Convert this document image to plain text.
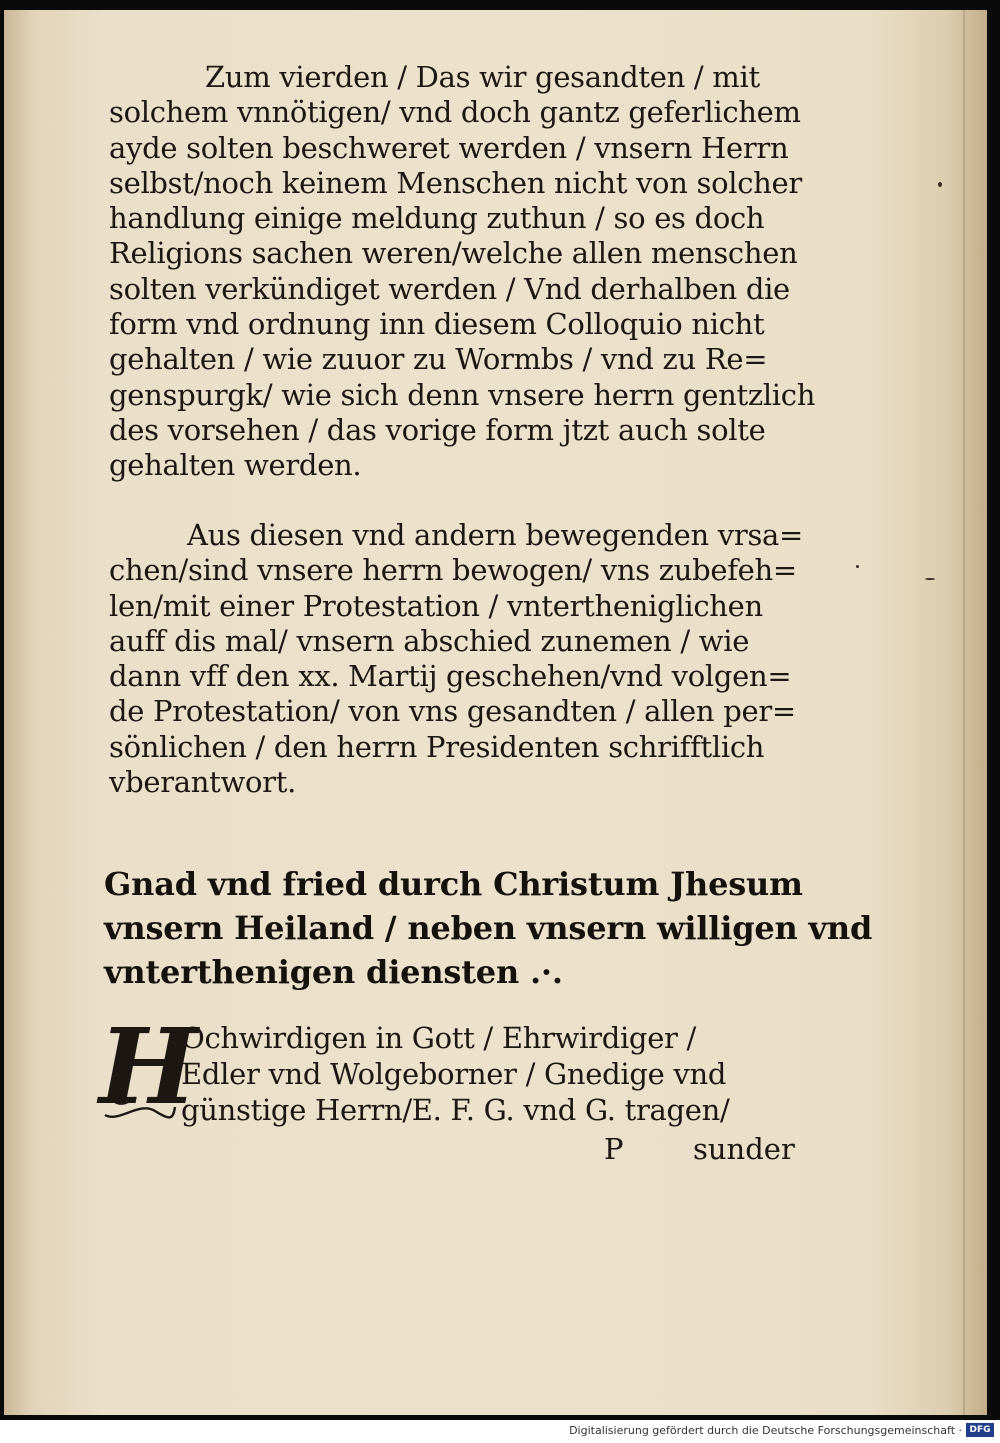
Zum vierden / Das wir gesandten / mit
solchem vnnötigen/ vnd doch gantz geferlichem
ayde solten beschweret werden / vnsern Herrn
selbst/noch keinem Menschen nicht von solcher
handlung einige meldung zuthun / so es doch
Religions sachen weren/welche allen menschen
solten verkündiget werden / Vnd derhalben die
form vnd ordnung inn diesem Colloquio nicht
gehalten / wie zuuor zu Wormbs / vnd zu Re=
genspurgk/ wie sich denn vnsere herrn gentzlich
des vorsehen / das vorige form jtzt auch solte
gehalten werden.
Aus diesen vnd andern bewegenden vrsa=
chen/sind vnsere herrn bewogen/ vns zubefeh=
len/mit einer Protestation / vntertheniglichen
auff dis mal/ vnsern abschied zunemen / wie
dann vff den xx. Martij geschehen/vnd volgen=
de Protestation/ von vns gesandten / allen per=
sönlichen / den herrn Presidenten schrifftlich
vberantwort.
Gnad vnd fried durch Christum Jhesum
vnsern Heiland / neben vnsern willigen vnd
vnterthenigen diensten .·.
H
Ochwirdigen in Gott / Ehrwirdiger /
Edler vnd Wolgeborner / Gnedige vnd
günstige Herrn/E. F. G. vnd G. tragen/
P sunder
Digitalisierung gefördert durch die Deutsche Forschungsgemeinschaft · DFG
